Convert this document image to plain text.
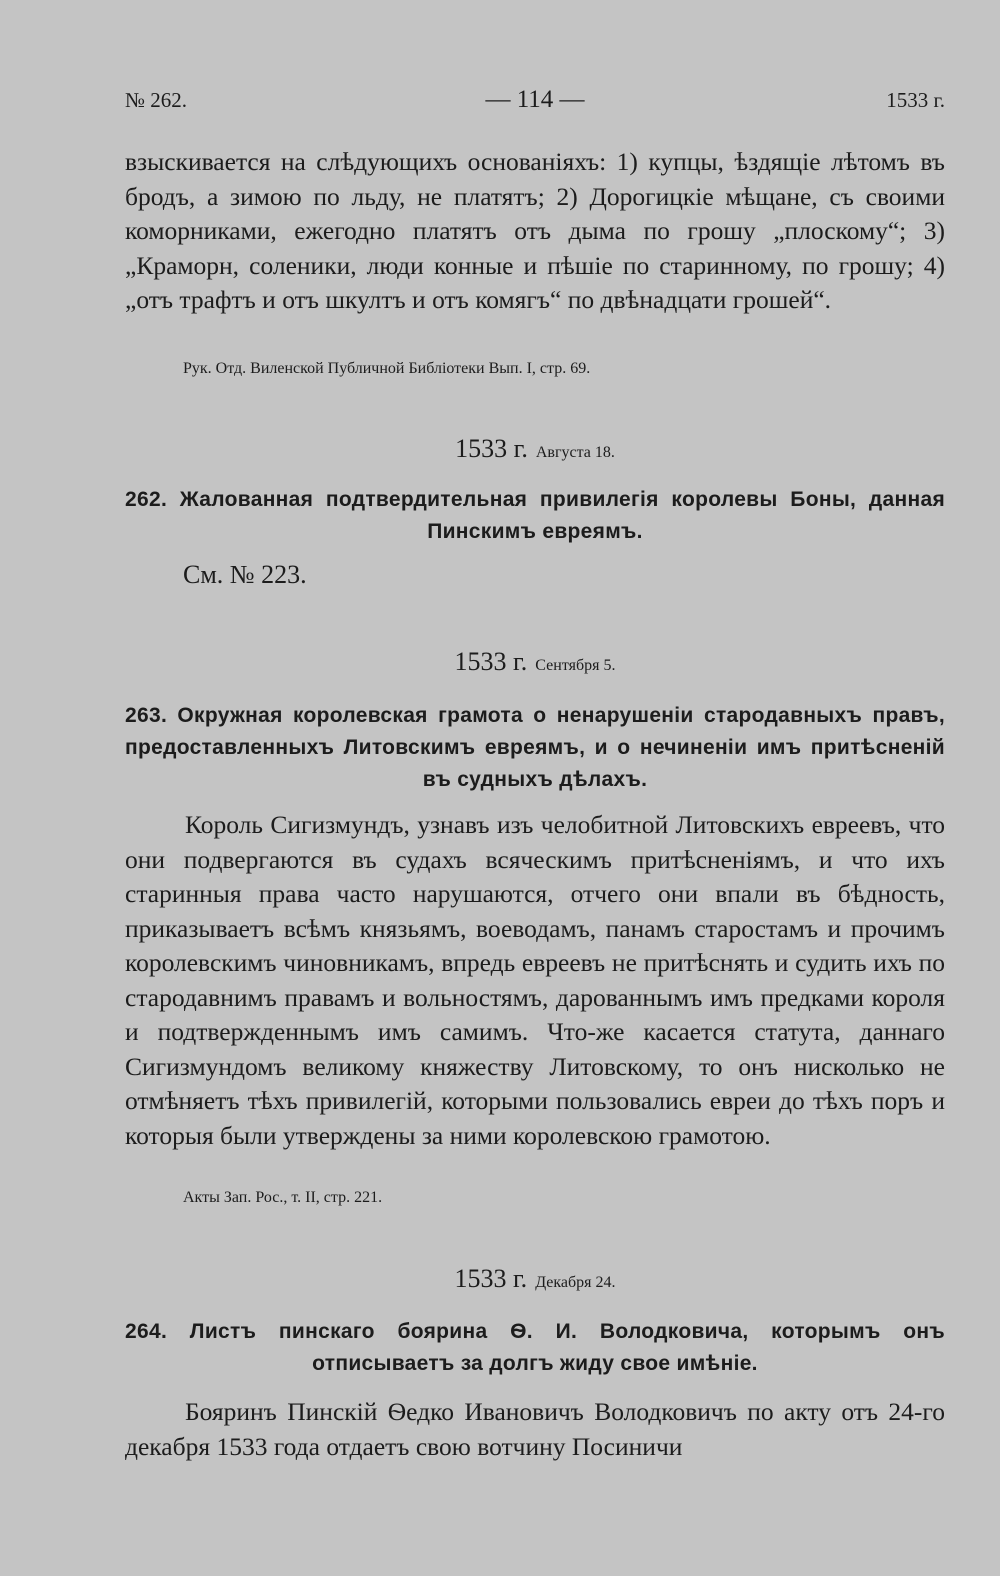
№ 262.	— 114 —	1533 г.

взыскивается на слѣдующихъ основаніяхъ: 1) купцы, ѣздящіе лѣтомъ въ бродъ, а зимою по льду, не платятъ; 2) Дорогицкіе мѣщане, съ своими коморниками, ежегодно платятъ отъ дыма по грошу „плоскому“; 3) „Краморн, соленики, люди конные и пѣшіе по старинному, по грошу; 4) „отъ трафтъ и отъ шкултъ и отъ комягъ“ по двѣнадцати грошей“.

Рук. Отд. Виленской Публичной Библіотеки Вып. I, стр. 69.

1533 г. Августа 18.

262. Жалованная подтвердительная привилегія королевы Боны, данная Пинскимъ евреямъ.

См. № 223.

1533 г. Сентября 5.

263. Окружная королевская грамота о ненарушеніи стародавныхъ правъ, предоставленныхъ Литовскимъ евреямъ, и о нечиненіи имъ притѣсненій въ судныхъ дѣлахъ.

Король Сигизмундъ, узнавъ изъ челобитной Литовскихъ евреевъ, что они подвергаются въ судахъ всяческимъ притѣсненіямъ, и что ихъ старинныя права часто нарушаются, отчего они впали въ бѣдность, приказываетъ всѣмъ князьямъ, воеводамъ, панамъ старостамъ и прочимъ королевскимъ чиновникамъ, впредь евреевъ не притѣснять и судить ихъ по стародавнимъ правамъ и вольностямъ, дарованнымъ имъ предками короля и подтвержденнымъ имъ самимъ. Что-же касается статута, даннаго Сигизмундомъ великому княжеству Литовскому, то онъ нисколько не отмѣняетъ тѣхъ привилегій, которыми пользовались евреи до тѣхъ поръ и которыя были утверждены за ними королевскою грамотою.

Акты Зап. Рос., т. II, стр. 221.

1533 г. Декабря 24.

264. Листъ пинскаго боярина Ѳ. И. Володковича, которымъ онъ отписываетъ за долгъ жиду свое имѣніе.

Бояринъ Пинскій Ѳедко Ивановичъ Володковичъ по акту отъ 24-го декабря 1533 года отдаетъ свою вотчину Посиничи
